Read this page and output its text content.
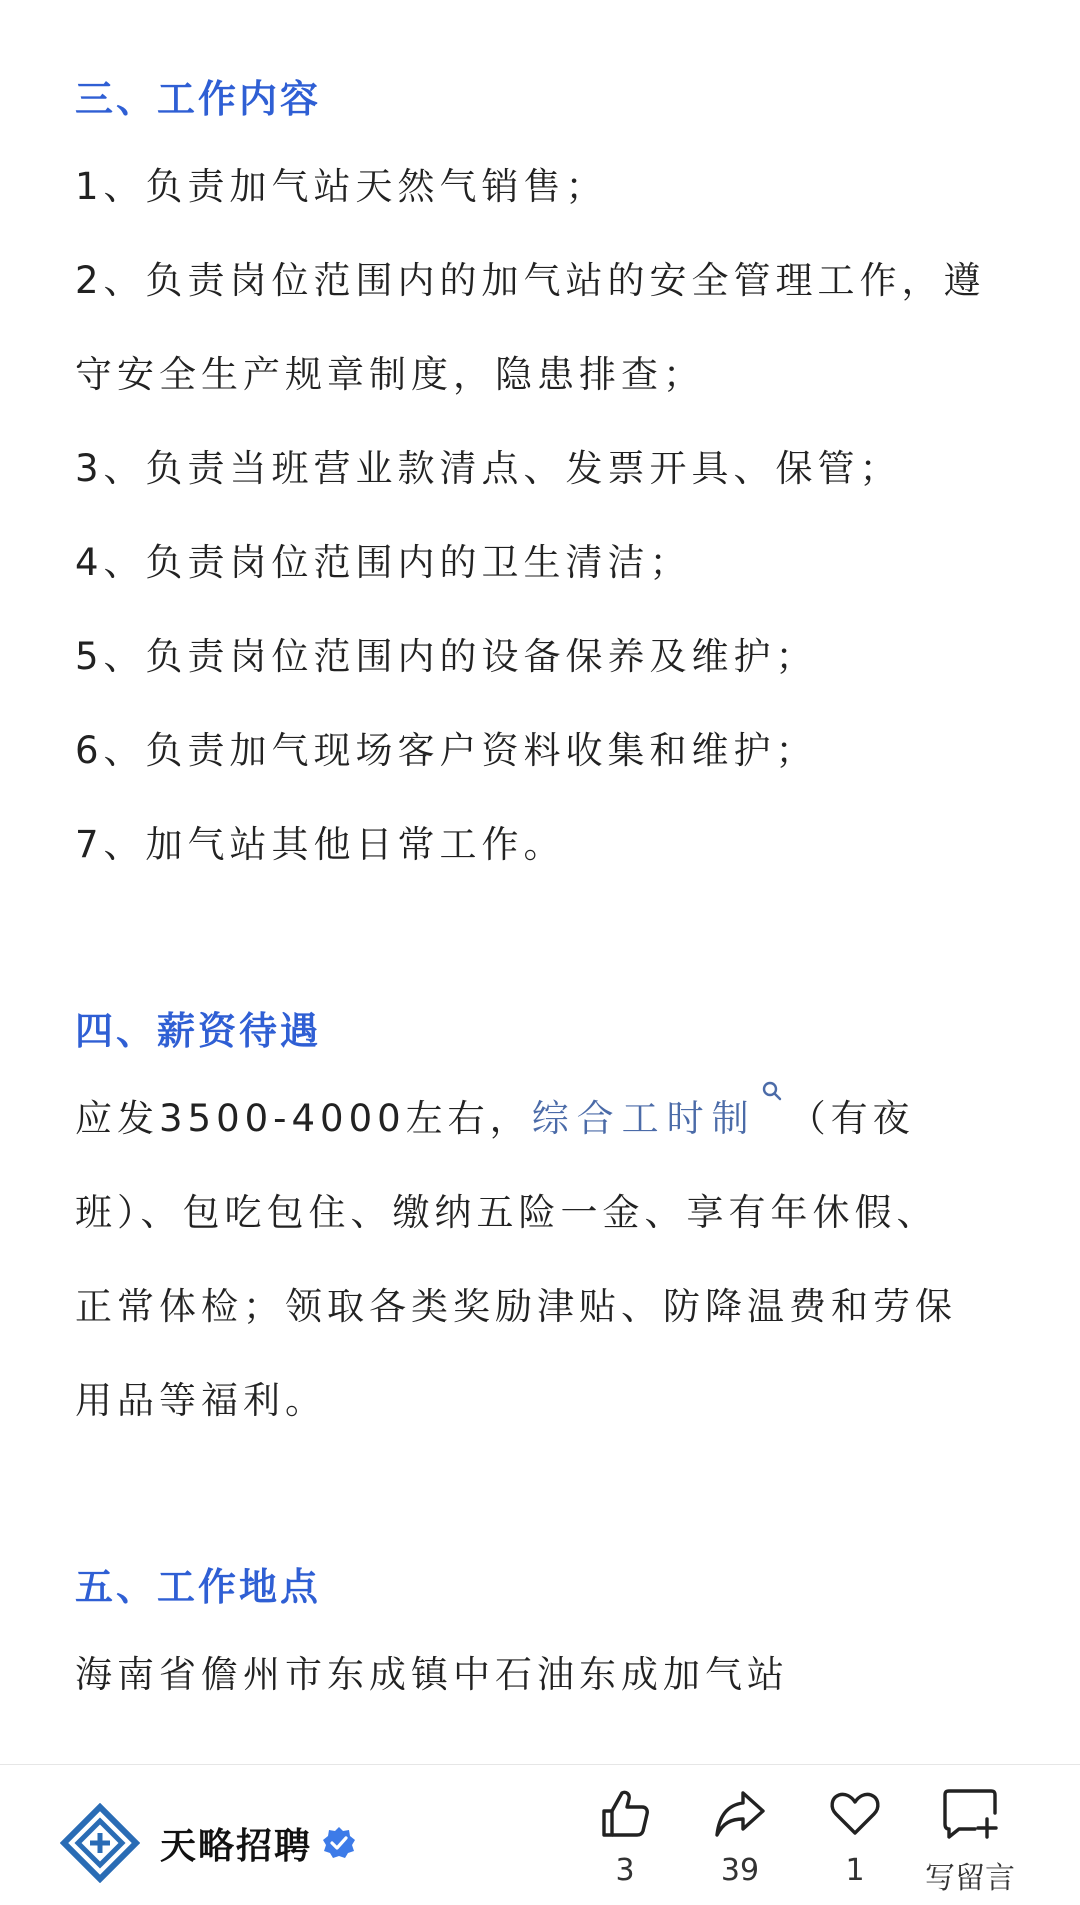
三、工作内容
1、负责加气站天然气销售；
2、负责岗位范围内的加气站的安全管理工作，遵
守安全生产规章制度，隐患排查；
3、负责当班营业款清点、发票开具、保管；
4、负责岗位范围内的卫生清洁；
5、负责岗位范围内的设备保养及维护；
6、负责加气现场客户资料收集和维护；
7、加气站其他日常工作。
四、薪资待遇
应发3500-4000左右，综合工时制 （有夜
班）、包吃包住、缴纳五险一金、享有年休假、
正常体检；领取各类奖励津贴、防降温费和劳保
用品等福利。
五、工作地点
海南省儋州市东成镇中石油东成加气站
天略招聘
3	39	1	写留言
